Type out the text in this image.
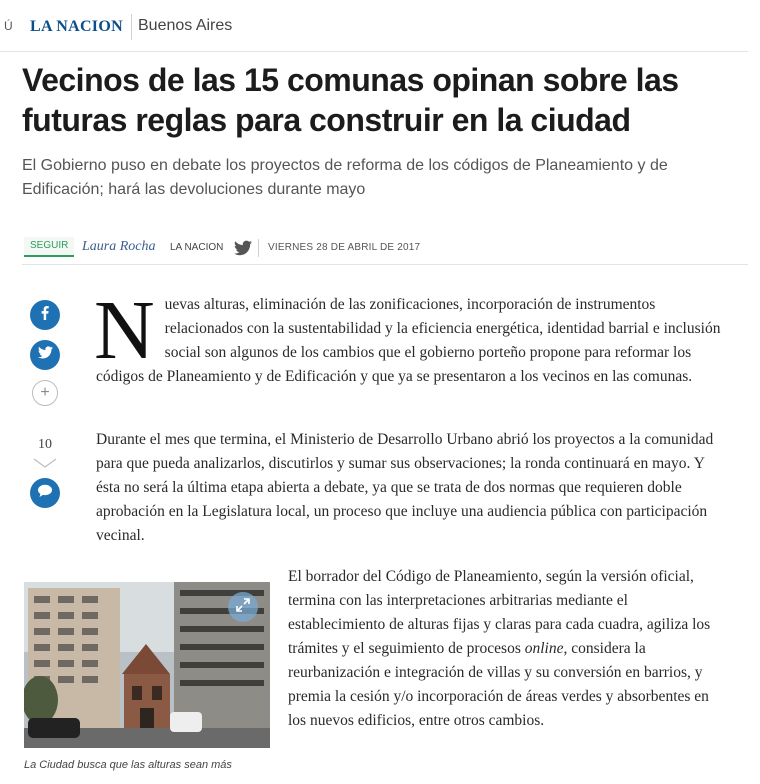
Ú LA NACION Buenos Aires
Vecinos de las 15 comunas opinan sobre las futuras reglas para construir en la ciudad

El Gobierno puso en debate los proyectos de reforma de los códigos de Planeamiento y de Edificación; hará las devoluciones durante mayo

SEGUIR Laura Rocha LA NACION	VIERNES 28 DE ABRIL DE 2017
+
10

Nuevas alturas, eliminación de las zonificaciones, incorporación de instrumentos relacionados con la sustentabilidad y la eficiencia energética, identidad barrial e inclusión social son algunos de los cambios que el gobierno porteño propone para reformar los códigos de Planeamiento y de Edificación y que ya se presentaron a los vecinos en las comunas.

Durante el mes que termina, el Ministerio de Desarrollo Urbano abrió los proyectos a la comunidad para que pueda analizarlos, discutirlos y sumar sus observaciones; la ronda continuará en mayo. Y ésta no será la última etapa abierta a debate, ya que se trata de dos normas que requieren doble aprobación en la Legislatura local, un proceso que incluye una audiencia pública con participación vecinal.

La Ciudad busca que las alturas sean más

El borrador del Código de Planeamiento, según la versión oficial, termina con las interpretaciones arbitrarias mediante el establecimiento de alturas fijas y claras para cada cuadra, agiliza los trámites y el seguimiento de procesos online, considera la reurbanización e integración de villas y su conversión en barrios, y premia la cesión y/o incorporación de áreas verdes y absorbentes en los nuevos edificios, entre otros cambios.
